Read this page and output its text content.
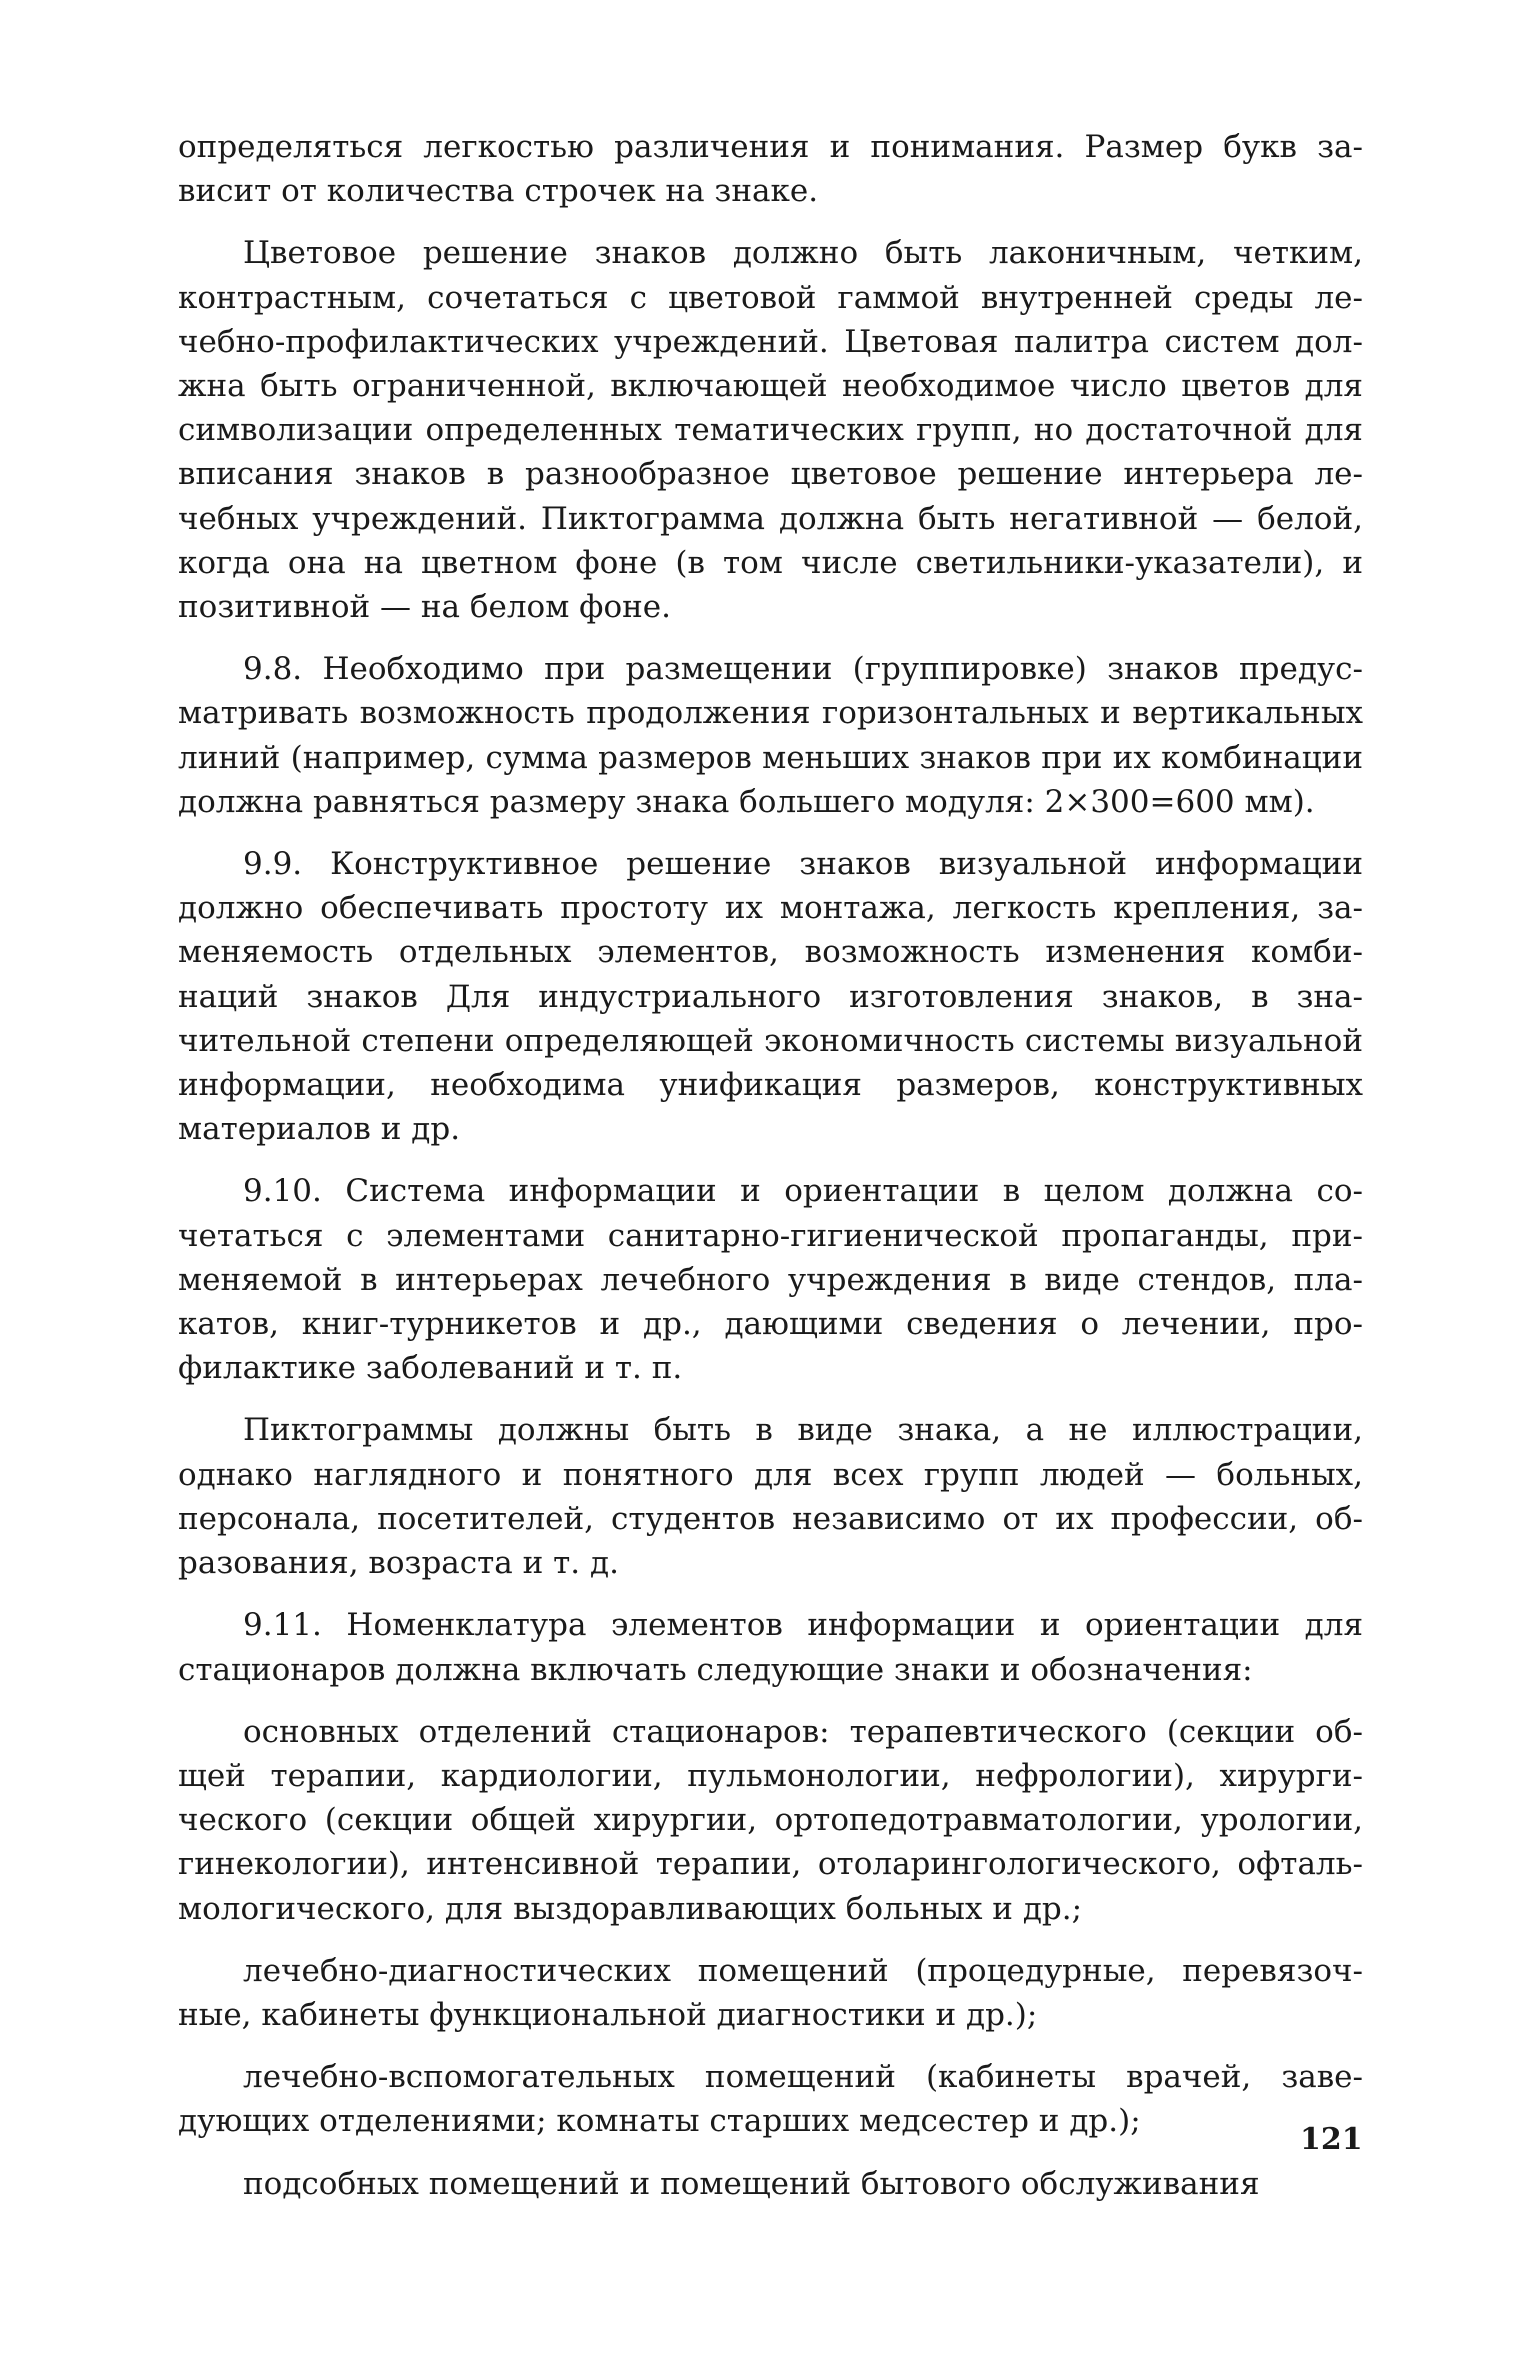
определяться легкостью различения и понимания. Размер букв зависит от количества строчек на знаке.

Цветовое решение знаков должно быть лаконичным, четким, контрастным, сочетаться с цветовой гаммой внутренней среды лечебно-профилактических учреждений. Цветовая палитра систем должна быть ограниченной, включающей необходимое число цветов для символизации определенных тематических групп, но достаточной для вписания знаков в разнообразное цветовое решение интерьера лечебных учреждений. Пиктограмма должна быть негативной — белой, когда она на цветном фоне (в том числе светильники-указатели), и позитивной — на белом фоне.

9.8. Необходимо при размещении (группировке) знаков предусматривать возможность продолжения горизонтальных и вертикальных линий (например, сумма размеров меньших знаков при их комбинации должна равняться размеру знака большего модуля: 2×300=600 мм).

9.9. Конструктивное решение знаков визуальной информации должно обеспечивать простоту их монтажа, легкость крепления, заменяемость отдельных элементов, возможность изменения комбинаций знаков Для индустриального изготовления знаков, в значительной степени определяющей экономичность системы визуальной информации, необходима унификация размеров, конструктивных материалов и др.

9.10. Система информации и ориентации в целом должна сочетаться с элементами санитарно-гигиенической пропаганды, применяемой в интерьерах лечебного учреждения в виде стендов, плакатов, книг-турникетов и др., дающими сведения о лечении, профилактике заболеваний и т. п.

Пиктограммы должны быть в виде знака, а не иллюстрации, однако наглядного и понятного для всех групп людей — больных, персонала, посетителей, студентов независимо от их профессии, образования, возраста и т. д.

9.11. Номенклатура элементов информации и ориентации для стационаров должна включать следующие знаки и обозначения:

основных отделений стационаров: терапевтического (секции общей терапии, кардиологии, пульмонологии, нефрологии), хирургического (секции общей хирургии, ортопедотравматологии, урологии, гинекологии), интенсивной терапии, отоларингологического, офтальмологического, для выздоравливающих больных и др.;

лечебно-диагностических помещений (процедурные, перевязочные, кабинеты функциональной диагностики и др.);

лечебно-вспомогательных помещений (кабинеты врачей, заведующих отделениями; комнаты старших медсестер и др.);

подсобных помещений и помещений бытового обслуживания

121
